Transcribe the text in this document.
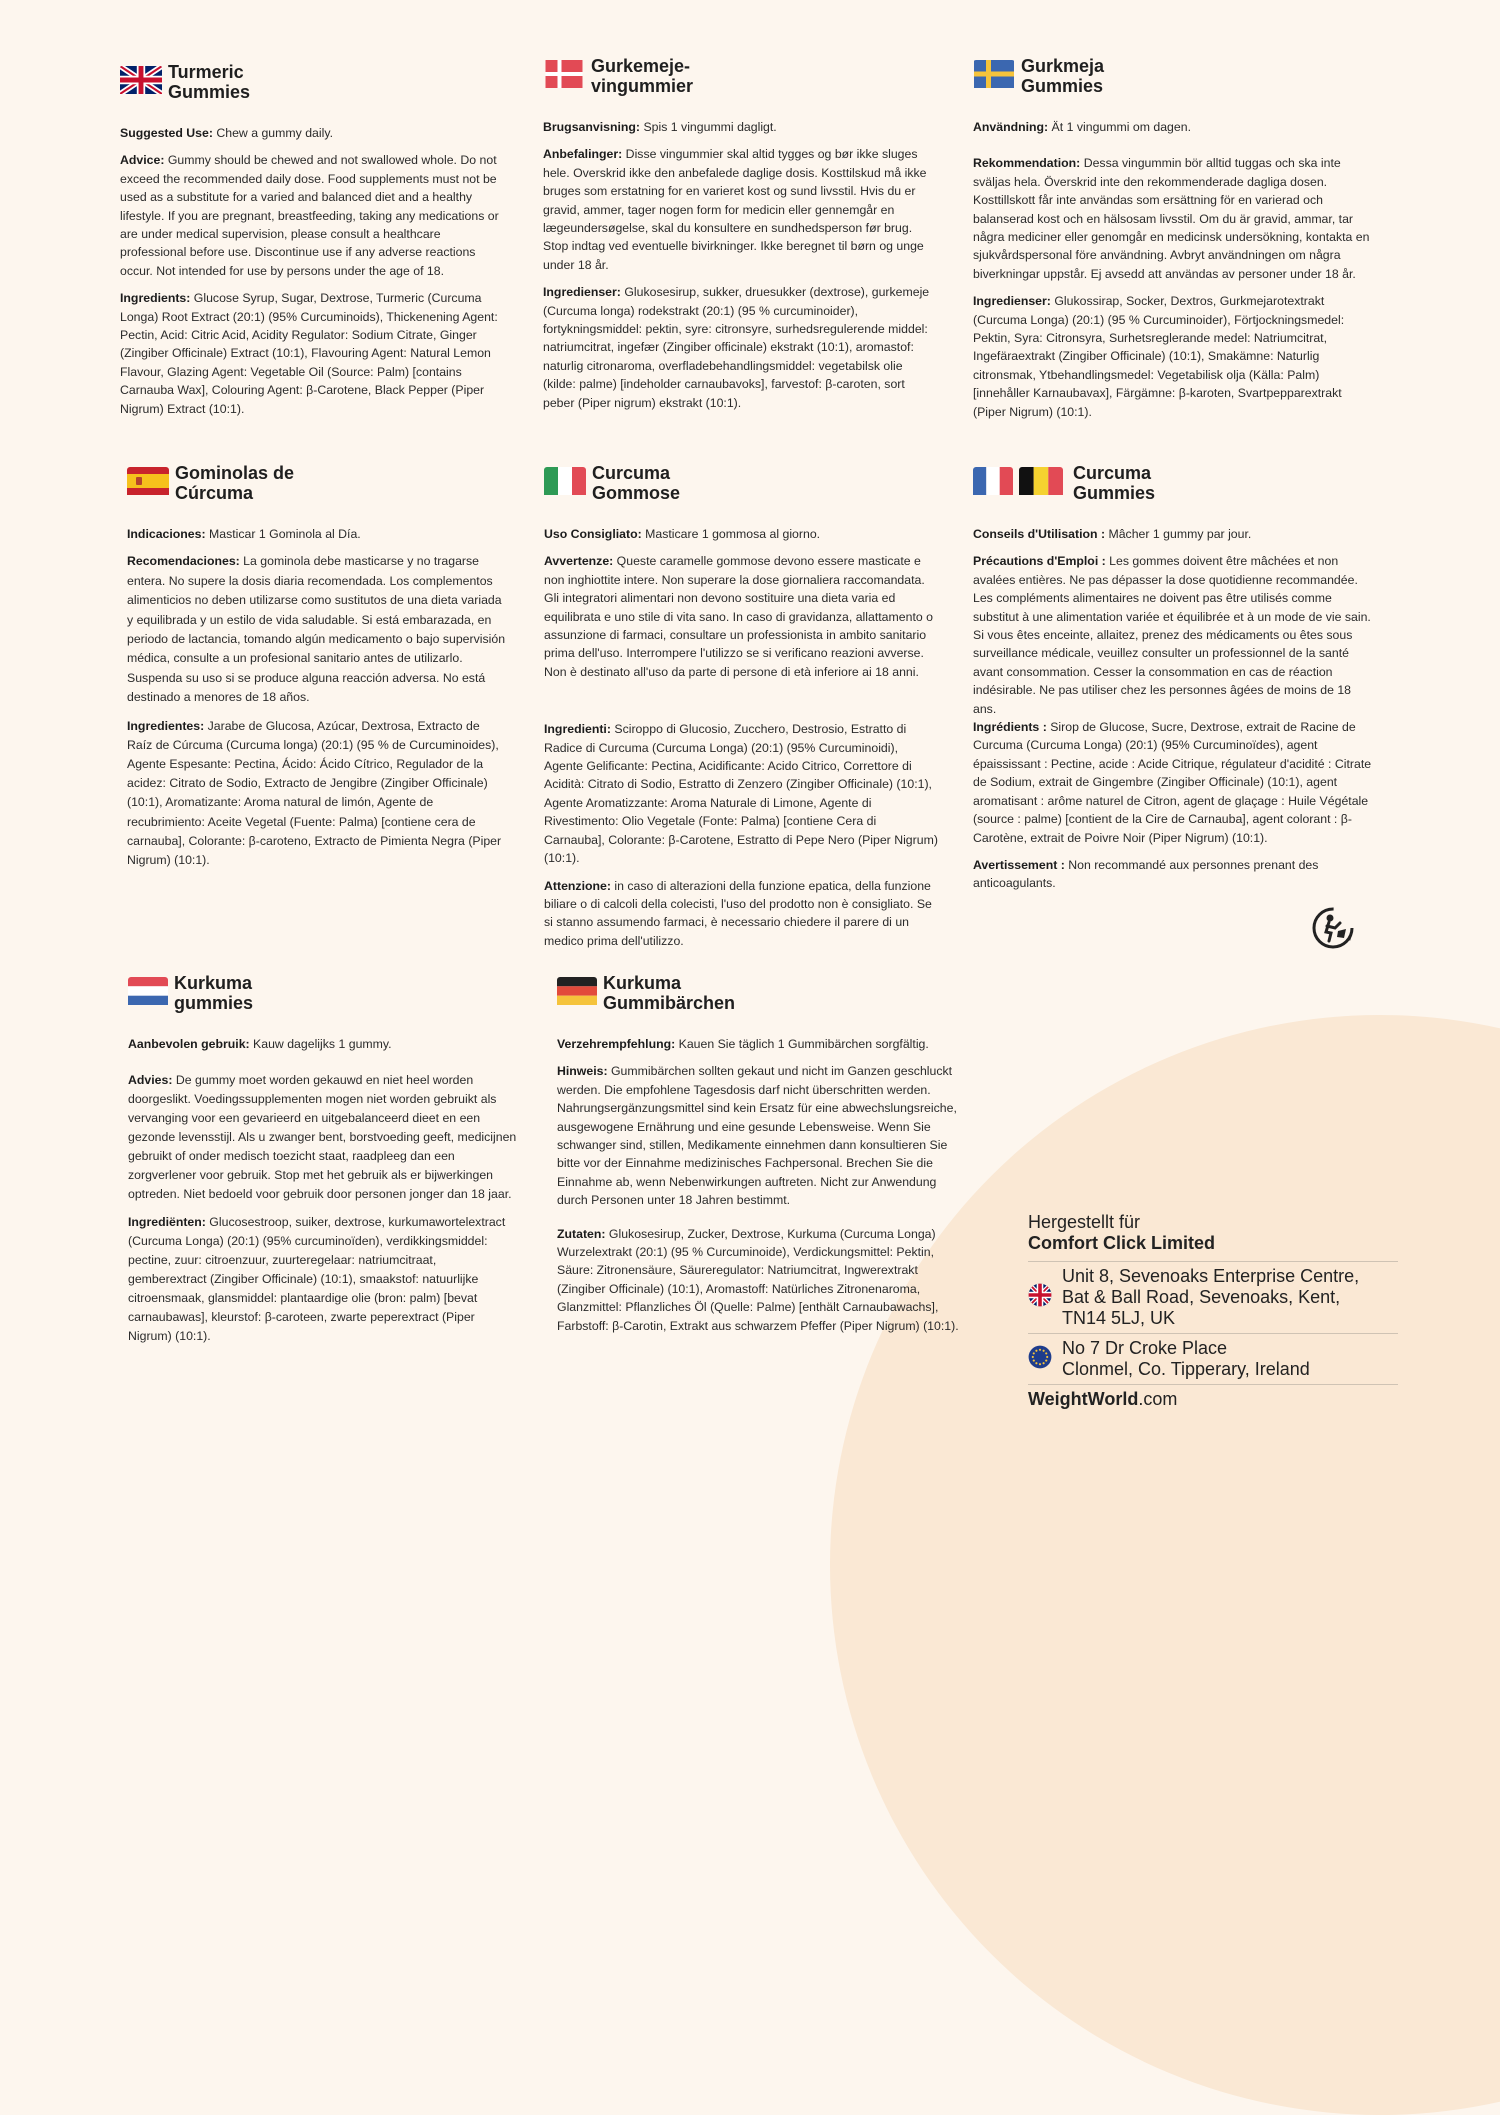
Turmeric
Gummies

Suggested Use: Chew a gummy daily.

Advice: Gummy should be chewed and not swallowed whole. Do not exceed the recommended daily dose. Food supplements must not be used as a substitute for a varied and balanced diet and a healthy lifestyle. If you are pregnant, breastfeeding, taking any medications or are under medical supervision, please consult a healthcare professional before use. Discontinue use if any adverse reactions occur. Not intended for use by persons under the age of 18.

Ingredients: Glucose Syrup, Sugar, Dextrose, Turmeric (Curcuma Longa) Root Extract (20:1) (95% Curcuminoids), Thickenening Agent: Pectin, Acid: Citric Acid, Acidity Regulator: Sodium Citrate, Ginger (Zingiber Officinale) Extract (10:1), Flavouring Agent: Natural Lemon Flavour, Glazing Agent: Vegetable Oil (Source: Palm) [contains Carnauba Wax], Colouring Agent: β-Carotene, Black Pepper (Piper Nigrum) Extract (10:1).

Gurkemeje-
vingummier

Brugsanvisning: Spis 1 vingummi dagligt.

Anbefalinger: Disse vingummier skal altid tygges og bør ikke sluges hele. Overskrid ikke den anbefalede daglige dosis. Kosttilskud må ikke bruges som erstatning for en varieret kost og sund livsstil. Hvis du er gravid, ammer, tager nogen form for medicin eller gennemgår en lægeundersøgelse, skal du konsultere en sundhedsperson før brug. Stop indtag ved eventuelle bivirkninger. Ikke beregnet til børn og unge under 18 år.

Ingredienser: Glukosesirup, sukker, druesukker (dextrose), gurkemeje (Curcuma longa) rodekstrakt (20:1) (95 % curcuminoider), fortykningsmiddel: pektin, syre: citronsyre, surhedsregulerende middel: natriumcitrat, ingefær (Zingiber officinale) ekstrakt (10:1), aromastof: naturlig citronaroma, overfladebehandlingsmiddel: vegetabilsk olie (kilde: palme) [indeholder carnaubavoks], farvestof: β-caroten, sort peber (Piper nigrum) ekstrakt (10:1).

Gurkmeja
Gummies

Användning: Ät 1 vingummi om dagen.

Rekommendation: Dessa vingummin bör alltid tuggas och ska inte sväljas hela. Överskrid inte den rekommenderade dagliga dosen. Kosttillskott får inte användas som ersättning för en varierad och balanserad kost och en hälsosam livsstil. Om du är gravid, ammar, tar några mediciner eller genomgår en medicinsk undersökning, kontakta en sjukvårdspersonal före användning. Avbryt användningen om några biverkningar uppstår. Ej avsedd att användas av personer under 18 år.

Ingredienser: Glukossirap, Socker, Dextros, Gurkmejarotextrakt (Curcuma Longa) (20:1) (95 % Curcuminoider), Förtjockningsmedel: Pektin, Syra: Citronsyra, Surhetsreglerande medel: Natriumcitrat, Ingefäraextrakt (Zingiber Officinale) (10:1), Smakämne: Naturlig citronsmak, Ytbehandlingsmedel: Vegetabilisk olja (Källa: Palm) [innehåller Karnaubavax], Färgämne: β-karoten, Svartpepparextrakt (Piper Nigrum) (10:1).

Gominolas de
Cúrcuma

Indicaciones: Masticar 1 Gominola al Día.

Recomendaciones: La gominola debe masticarse y no tragarse entera. No supere la dosis diaria recomendada. Los complementos alimenticios no deben utilizarse como sustitutos de una dieta variada y equilibrada y un estilo de vida saludable. Si está embarazada, en periodo de lactancia, tomando algún medicamento o bajo supervisión médica, consulte a un profesional sanitario antes de utilizarlo. Suspenda su uso si se produce alguna reacción adversa. No está destinado a menores de 18 años.

Ingredientes: Jarabe de Glucosa, Azúcar, Dextrosa, Extracto de Raíz de Cúrcuma (Curcuma longa) (20:1) (95 % de Curcuminoides), Agente Espesante: Pectina, Ácido: Ácido Cítrico, Regulador de la acidez: Citrato de Sodio, Extracto de Jengibre (Zingiber Officinale) (10:1), Aromatizante: Aroma natural de limón, Agente de recubrimiento: Aceite Vegetal (Fuente: Palma) [contiene cera de carnauba], Colorante: β-caroteno, Extracto de Pimienta Negra (Piper Nigrum) (10:1).

Curcuma
Gommose

Uso Consigliato: Masticare 1 gommosa al giorno.

Avvertenze: Queste caramelle gommose devono essere masticate e non inghiottite intere. Non superare la dose giornaliera raccomandata. Gli integratori alimentari non devono sostituire una dieta varia ed equilibrata e uno stile di vita sano. In caso di gravidanza, allattamento o assunzione di farmaci, consultare un professionista in ambito sanitario prima dell'uso. Interrompere l'utilizzo se si verificano reazioni avverse. Non è destinato all'uso da parte di persone di età inferiore ai 18 anni.

Ingredienti: Sciroppo di Glucosio, Zucchero, Destrosio, Estratto di Radice di Curcuma (Curcuma Longa) (20:1) (95% Curcuminoidi), Agente Gelificante: Pectina, Acidificante: Acido Citrico, Correttore di Acidità: Citrato di Sodio, Estratto di Zenzero (Zingiber Officinale) (10:1), Agente Aromatizzante: Aroma Naturale di Limone, Agente di Rivestimento: Olio Vegetale (Fonte: Palma) [contiene Cera di Carnauba], Colorante: β-Carotene, Estratto di Pepe Nero (Piper Nigrum) (10:1).

Attenzione: in caso di alterazioni della funzione epatica, della funzione biliare o di calcoli della colecisti, l'uso del prodotto non è consigliato. Se si stanno assumendo farmaci, è necessario chiedere il parere di un medico prima dell'utilizzo.

Curcuma
Gummies

Conseils d'Utilisation : Mâcher 1 gummy par jour.

Précautions d'Emploi : Les gommes doivent être mâchées et non avalées entières. Ne pas dépasser la dose quotidienne recommandée. Les compléments alimentaires ne doivent pas être utilisés comme substitut à une alimentation variée et équilibrée et à un mode de vie sain. Si vous êtes enceinte, allaitez, prenez des médicaments ou êtes sous surveillance médicale, veuillez consulter un professionnel de la santé avant consommation. Cesser la consommation en cas de réaction indésirable. Ne pas utiliser chez les personnes âgées de moins de 18 ans.

Ingrédients : Sirop de Glucose, Sucre, Dextrose, extrait de Racine de Curcuma (Curcuma Longa) (20:1) (95% Curcuminoïdes), agent épaississant : Pectine, acide : Acide Citrique, régulateur d'acidité : Citrate de Sodium, extrait de Gingembre (Zingiber Officinale) (10:1), agent aromatisant : arôme naturel de Citron, agent de glaçage : Huile Végétale (source : palme) [contient de la Cire de Carnauba], agent colorant : β-Carotène, extrait de Poivre Noir (Piper Nigrum) (10:1).

Avertissement : Non recommandé aux personnes prenant des anticoagulants.

Kurkuma
gummies

Aanbevolen gebruik: Kauw dagelijks 1 gummy.

Advies: De gummy moet worden gekauwd en niet heel worden doorgeslikt. Voedingssupplementen mogen niet worden gebruikt als vervanging voor een gevarieerd en uitgebalanceerd dieet en een gezonde levensstijl. Als u zwanger bent, borstvoeding geeft, medicijnen gebruikt of onder medisch toezicht staat, raadpleeg dan een zorgverlener voor gebruik. Stop met het gebruik als er bijwerkingen optreden. Niet bedoeld voor gebruik door personen jonger dan 18 jaar.

Ingrediënten: Glucosestroop, suiker, dextrose, kurkumawortelextract (Curcuma Longa) (20:1) (95% curcuminoïden), verdikkingsmiddel: pectine, zuur: citroenzuur, zuurteregelaar: natriumcitraat, gemberextract (Zingiber Officinale) (10:1), smaakstof: natuurlijke citroensmaak, glansmiddel: plantaardige olie (bron: palm) [bevat carnaubawas], kleurstof: β-caroteen, zwarte peperextract (Piper Nigrum) (10:1).

Kurkuma
Gummibärchen

Verzehrempfehlung: Kauen Sie täglich 1 Gummibärchen sorgfältig.

Hinweis: Gummibärchen sollten gekaut und nicht im Ganzen geschluckt werden. Die empfohlene Tagesdosis darf nicht überschritten werden. Nahrungsergänzungsmittel sind kein Ersatz für eine abwechslungsreiche, ausgewogene Ernährung und eine gesunde Lebensweise. Wenn Sie schwanger sind, stillen, Medikamente einnehmen dann konsultieren Sie bitte vor der Einnahme medizinisches Fachpersonal. Brechen Sie die Einnahme ab, wenn Nebenwirkungen auftreten. Nicht zur Anwendung durch Personen unter 18 Jahren bestimmt.

Zutaten: Glukosesirup, Zucker, Dextrose, Kurkuma (Curcuma Longa) Wurzelextrakt (20:1) (95 % Curcuminoide), Verdickungsmittel: Pektin, Säure: Zitronensäure, Säureregulator: Natriumcitrat, Ingwerextrakt (Zingiber Officinale) (10:1), Aromastoff: Natürliches Zitronenaroma, Glanzmittel: Pflanzliches Öl (Quelle: Palme) [enthält Carnaubawachs], Farbstoff: β-Carotin, Extrakt aus schwarzem Pfeffer (Piper Nigrum) (10:1).

Hergestellt für
Comfort Click Limited
Unit 8, Sevenoaks Enterprise Centre,
Bat & Ball Road, Sevenoaks, Kent,
TN14 5LJ, UK
No 7 Dr Croke Place
Clonmel, Co. Tipperary, Ireland
WeightWorld.com
